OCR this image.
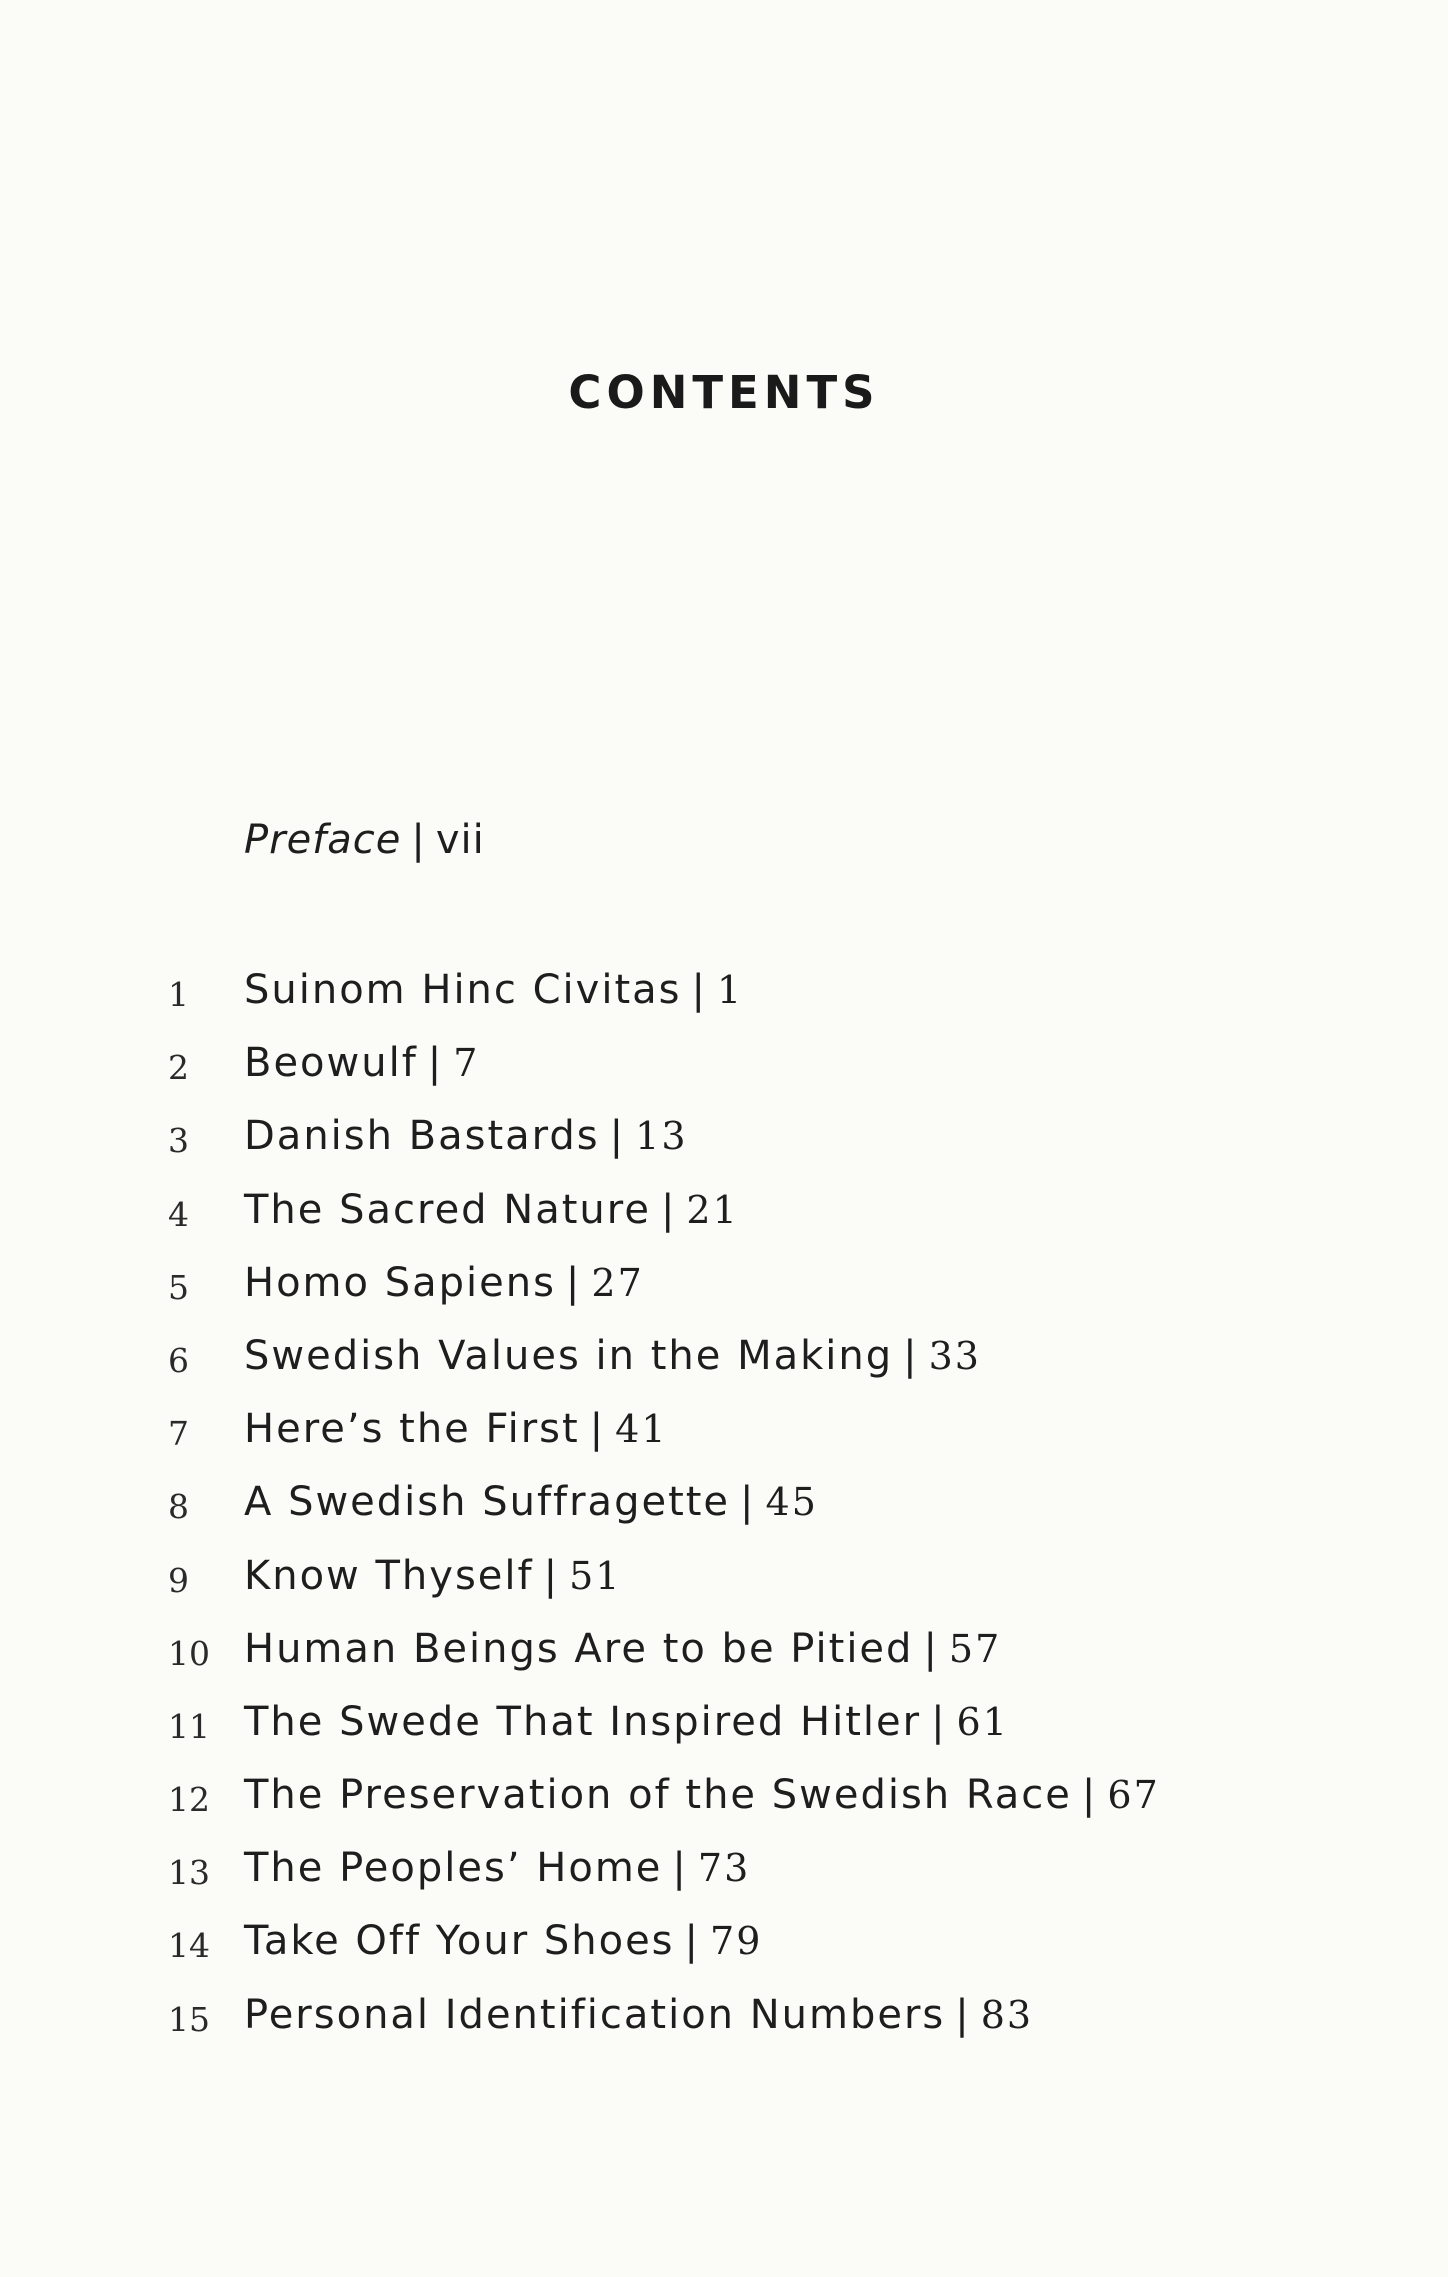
CONTENTS
Preface | vii
1 Suinom Hinc Civitas | 1
2 Beowulf | 7
3 Danish Bastards | 13
4 The Sacred Nature | 21
5 Homo Sapiens | 27
6 Swedish Values in the Making | 33
7 Here’s the First | 41
8 A Swedish Suffragette | 45
9 Know Thyself | 51
10 Human Beings Are to be Pitied | 57
11 The Swede That Inspired Hitler | 61
12 The Preservation of the Swedish Race | 67
13 The Peoples’ Home | 73
14 Take Off Your Shoes | 79
15 Personal Identification Numbers | 83
